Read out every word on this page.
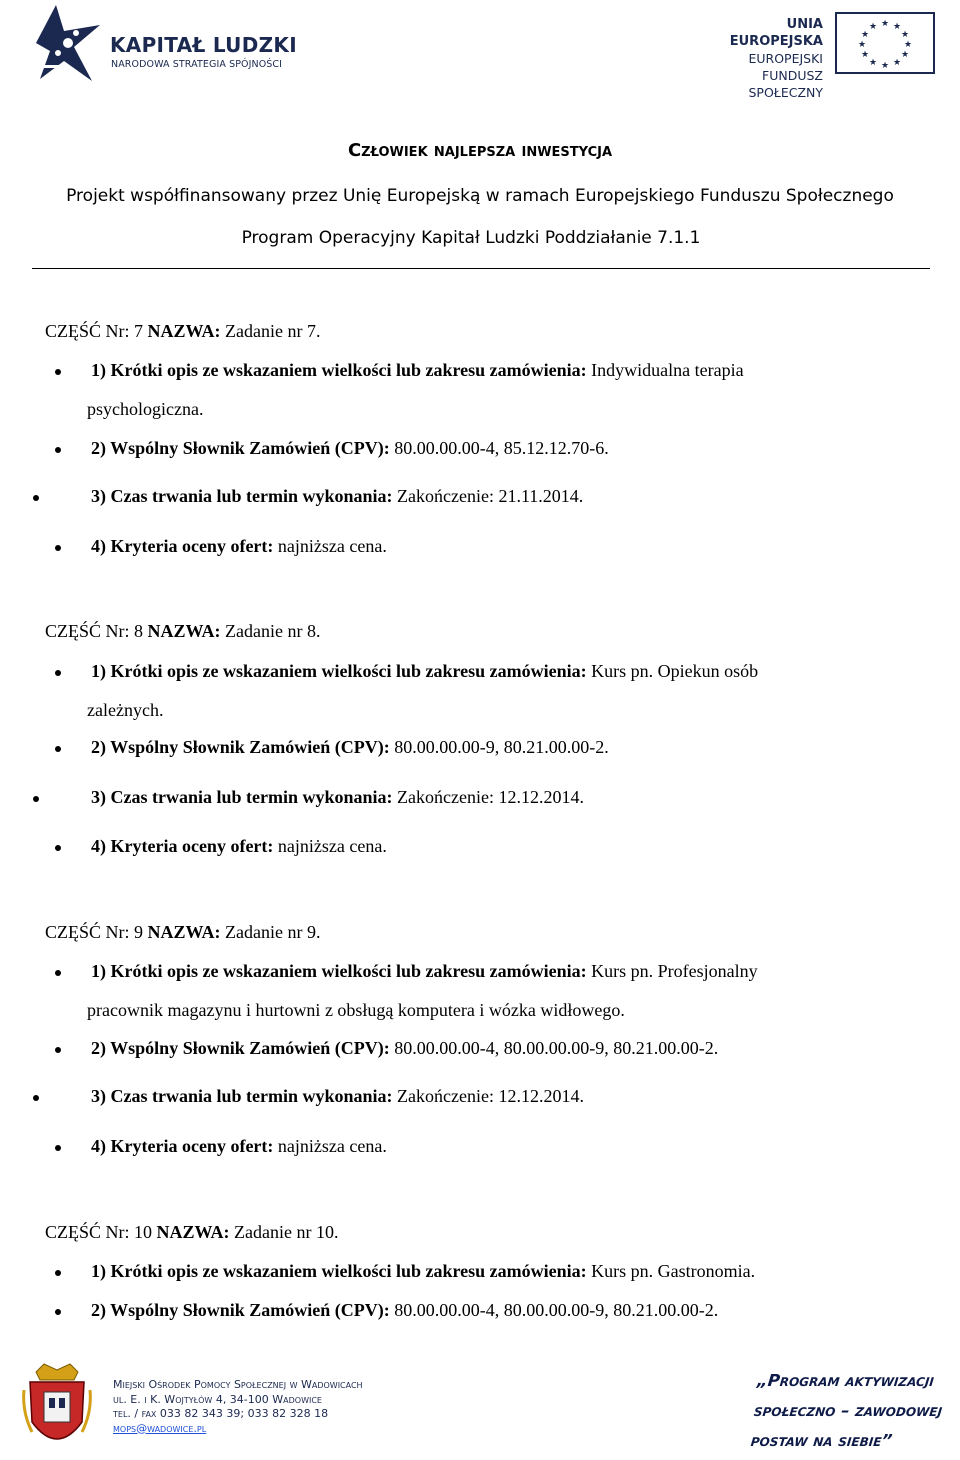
KAPITAŁ LUDZKI
NARODOWA STRATEGIA SPÓJNOŚCI
UNIA EUROPEJSKA
EUROPEJSKI
FUNDUSZ SPOŁECZNY
★ ★
★
★
★
★
★
★
★
★
★
★
Człowiek najlepsza inwestycja
Projekt współfinansowany przez Unię Europejską w ramach Europejskiego Funduszu Społecznego
Program Operacyjny Kapitał Ludzki Poddziałanie 7.1.1
CZĘŚĆ Nr: 7 NAZWA: Zadanie nr 7.
1) Krótki opis ze wskazaniem wielkości lub zakresu zamówienia: Indywidualna terapia
psychologiczna.
2) Wspólny Słownik Zamówień (CPV): 80.00.00.00-4, 85.12.12.70-6.
3) Czas trwania lub termin wykonania: Zakończenie: 21.11.2014.
4) Kryteria oceny ofert: najniższa cena.
CZĘŚĆ Nr: 8 NAZWA: Zadanie nr 8.
1) Krótki opis ze wskazaniem wielkości lub zakresu zamówienia: Kurs pn. Opiekun osób
zależnych.
2) Wspólny Słownik Zamówień (CPV): 80.00.00.00-9, 80.21.00.00-2.
3) Czas trwania lub termin wykonania: Zakończenie: 12.12.2014.
4) Kryteria oceny ofert: najniższa cena.
CZĘŚĆ Nr: 9 NAZWA: Zadanie nr 9.
1) Krótki opis ze wskazaniem wielkości lub zakresu zamówienia: Kurs pn. Profesjonalny
pracownik magazynu i hurtowni z obsługą komputera i wózka widłowego.
2) Wspólny Słownik Zamówień (CPV): 80.00.00.00-4, 80.00.00.00-9, 80.21.00.00-2.
3) Czas trwania lub termin wykonania: Zakończenie: 12.12.2014.
4) Kryteria oceny ofert: najniższa cena.
CZĘŚĆ Nr: 10 NAZWA: Zadanie nr 10.
1) Krótki opis ze wskazaniem wielkości lub zakresu zamówienia: Kurs pn. Gastronomia.
2) Wspólny Słownik Zamówień (CPV): 80.00.00.00-4, 80.00.00.00-9, 80.21.00.00-2.
Miejski Ośrodek Pomocy Społecznej w Wadowicach
ul. E. i K. Wojtyłów 4, 34-100 Wadowice
tel. / fax 033 82 343 39; 033 82 328 18
mops@wadowice.pl
„Program aktywizacji
społeczno – zawodowej
postaw na siebie”
